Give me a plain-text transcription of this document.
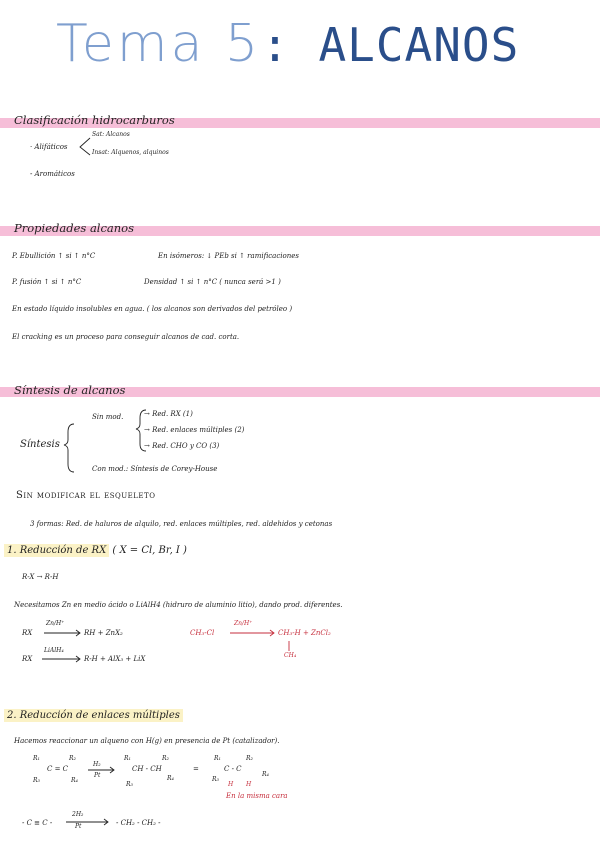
Tema 5: ALCANOS
Clasificación hidrocarburos
· Alifáticos
Sat: Alcanos
Insat: Alquenos, alquinos
- Aromáticos
Propiedades alcanos
P. Ebullición ↑ si ↑ n°C	En isómeros: ↓ PEb si ↑ ramificaciones
P. fusión ↑ si ↑ n°C	Densidad ↑ si ↑ n°C ( nunca será >1 )
En estado líquido insolubles en agua. ( los alcanos son derivados del petróleo )
El cracking es un proceso para conseguir alcanos de cad. corta.
Síntesis de alcanos
Síntesis
Sin mod.	→ Red. RX (1)
→ Red. enlaces múltiples (2)
→ Red. CHO y CO (3)
Con mod.: Síntesis de Corey-House
Sin modificar el esqueleto
3 formas: Red. de haluros de alquilo, red. enlaces múltiples, red. aldehidos y cetonas
1. Reducción de RX ( X = Cl, Br, I )
R-X → R-H
Necesitamos Zn en medio ácido o LiAlH4 (hidruro de aluminio litio), dando prod. diferentes.
RX
Zn/H⁺
RH + ZnX₂	CH₃-Cl
Zn/H⁺
CH₃-H + ZnCl₂
CH₄
RX
LiAlH₄
R-H + AlX₃ + LiX
2. Reducción de enlaces múltiples
Hacemos reaccionar un alqueno con H(g) en presencia de Pt (catalizador).
R₁	R₂
C = C
R₃	R₄
H₂
Pt
R₁	R₂
CH - CH
R₃
R₄
=
R₁	R₂
C - C
R₃
R₄
H H
En la misma cara
- C ≡ C -
2H₂
Pt	- CH₂ - CH₂ -
